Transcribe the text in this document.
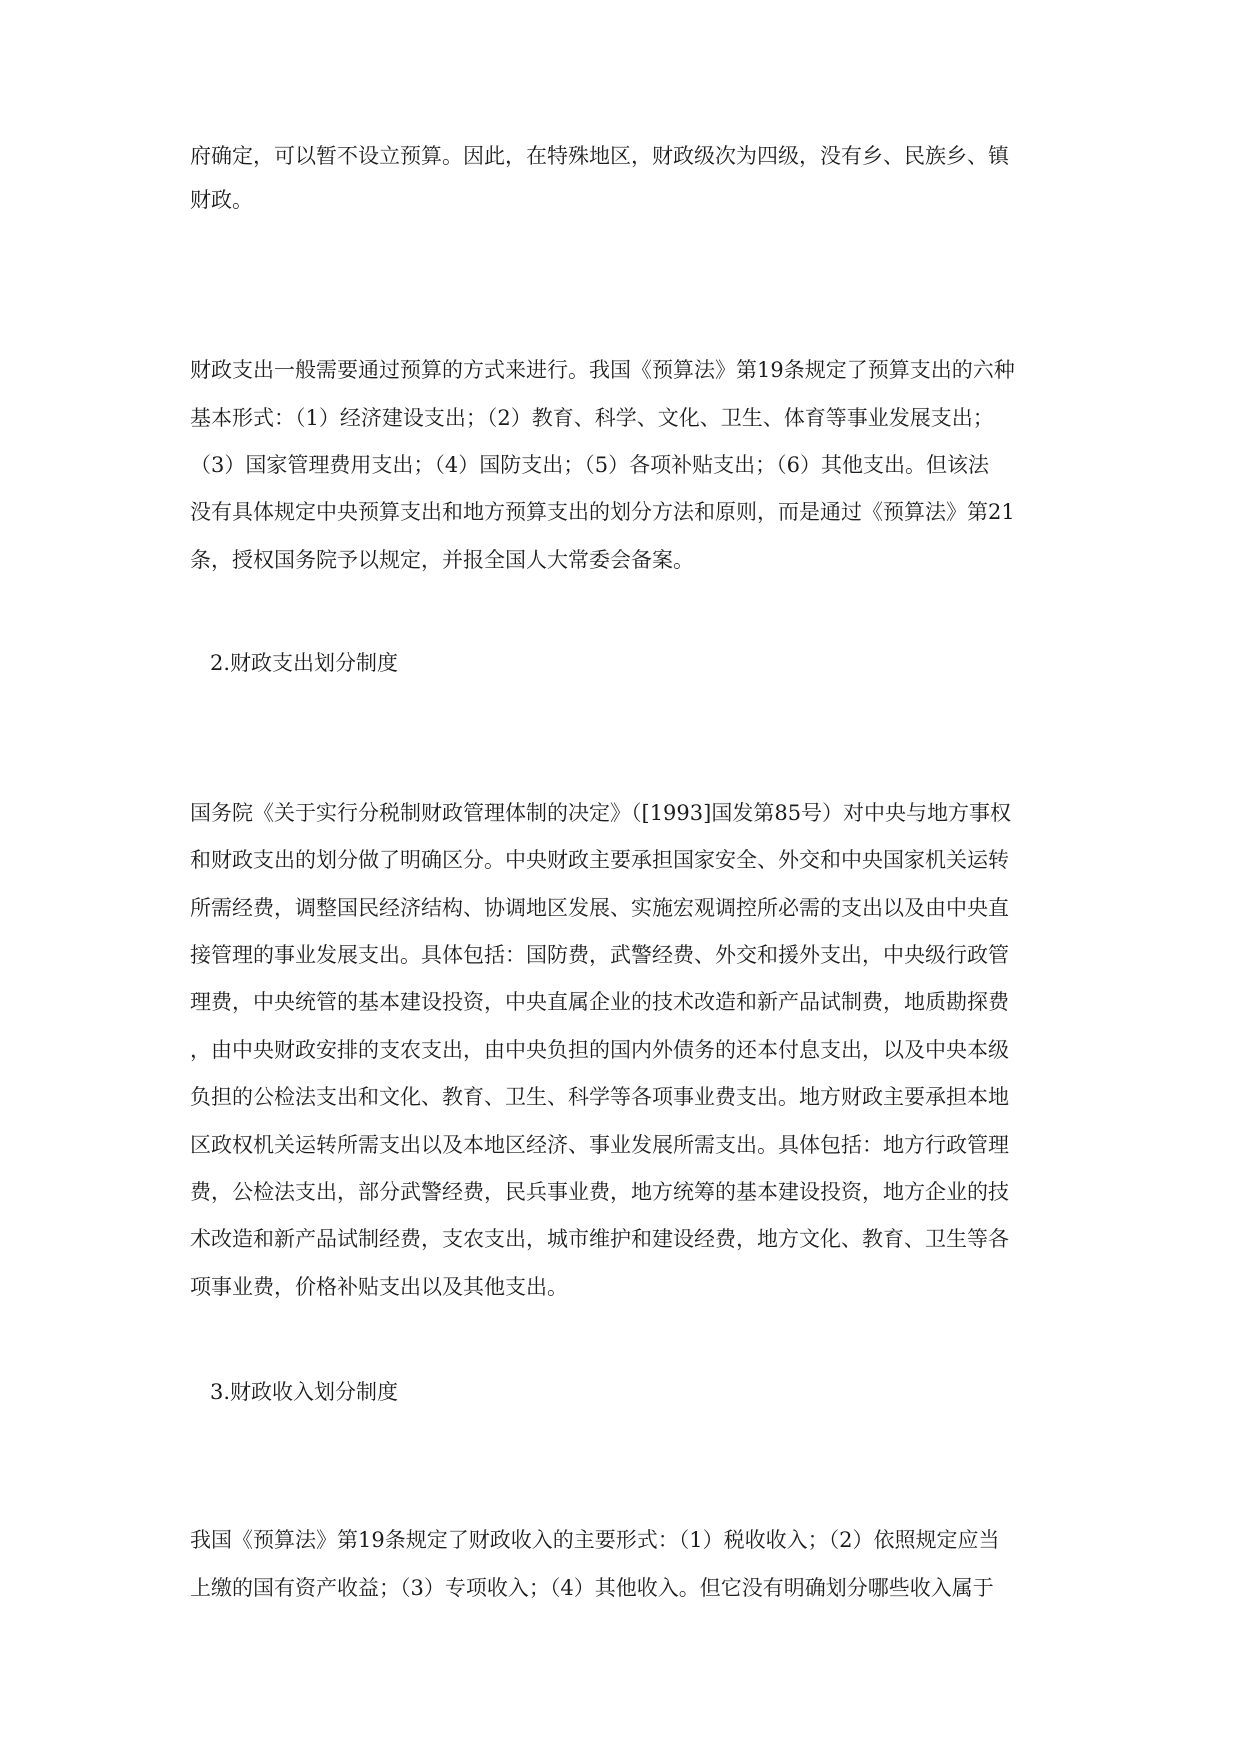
府确定，可以暂不设立预算。因此，在特殊地区，财政级次为四级，没有乡、民族乡、镇
财政。
财政支出一般需要通过预算的方式来进行。我国《预算法》第19条规定了预算支出的六种
基本形式：（1）经济建设支出；（2）教育、科学、文化、卫生、体育等事业发展支出；
（3）国家管理费用支出；（4）国防支出；（5）各项补贴支出；（6）其他支出。但该法
没有具体规定中央预算支出和地方预算支出的划分方法和原则，而是通过《预算法》第21
条，授权国务院予以规定，并报全国人大常委会备案。
2.财政支出划分制度
国务院《关于实行分税制财政管理体制的决定》（[1993]国发第85号）对中央与地方事权
和财政支出的划分做了明确区分。中央财政主要承担国家安全、外交和中央国家机关运转
所需经费，调整国民经济结构、协调地区发展、实施宏观调控所必需的支出以及由中央直
接管理的事业发展支出。具体包括：国防费，武警经费、外交和援外支出，中央级行政管
理费，中央统管的基本建设投资，中央直属企业的技术改造和新产品试制费，地质勘探费
，由中央财政安排的支农支出，由中央负担的国内外债务的还本付息支出，以及中央本级
负担的公检法支出和文化、教育、卫生、科学等各项事业费支出。地方财政主要承担本地
区政权机关运转所需支出以及本地区经济、事业发展所需支出。具体包括：地方行政管理
费，公检法支出，部分武警经费，民兵事业费，地方统筹的基本建设投资，地方企业的技
术改造和新产品试制经费，支农支出，城市维护和建设经费，地方文化、教育、卫生等各
项事业费，价格补贴支出以及其他支出。
3.财政收入划分制度
我国《预算法》第19条规定了财政收入的主要形式：（1）税收收入；（2）依照规定应当
上缴的国有资产收益；（3）专项收入；（4）其他收入。但它没有明确划分哪些收入属于
